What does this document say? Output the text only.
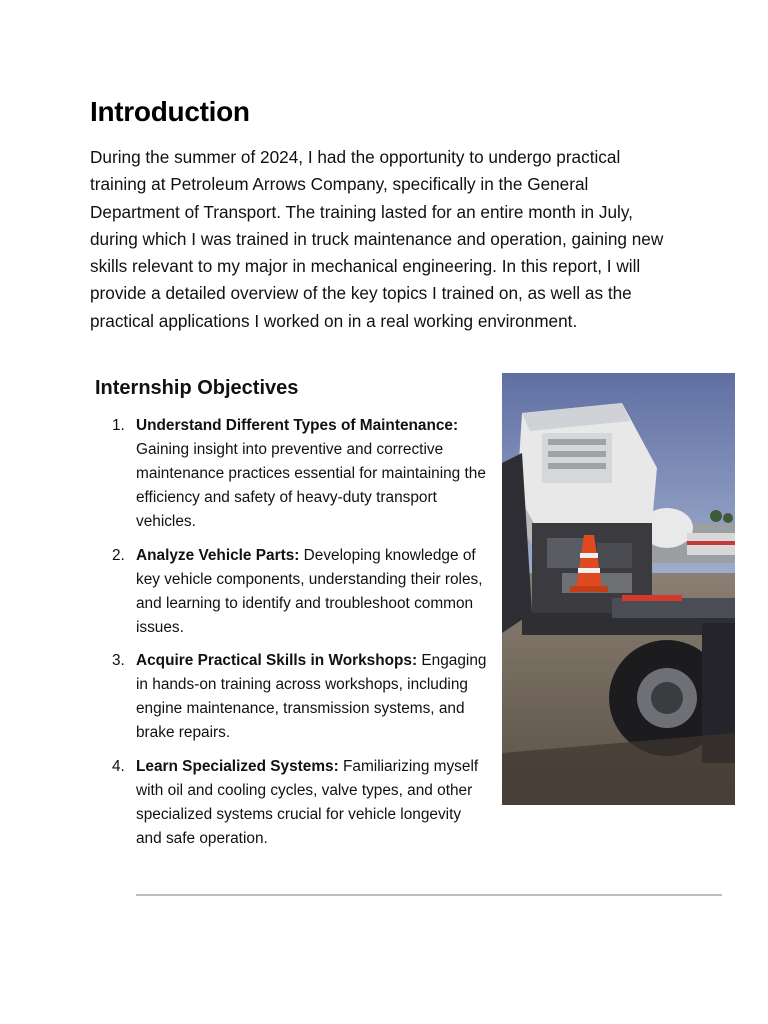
Introduction

During the summer of 2024, I had the opportunity to undergo practical training at Petroleum Arrows Company, specifically in the General Department of Transport. The training lasted for an entire month in July, during which I was trained in truck maintenance and operation, gaining new skills relevant to my major in mechanical engineering. In this report, I will provide a detailed overview of the key topics I trained on, as well as the practical applications I worked on in a real working environment.

Internship Objectives
1. Understand Different Types of Maintenance: Gaining insight into preventive and corrective maintenance practices essential for maintaining the efficiency and safety of heavy-duty transport vehicles.
2. Analyze Vehicle Parts: Developing knowledge of key vehicle components, understanding their roles, and learning to identify and troubleshoot common issues.
3. Acquire Practical Skills in Workshops: Engaging in hands-on training across workshops, including engine maintenance, transmission systems, and brake repairs.
4. Learn Specialized Systems: Familiarizing myself with oil and cooling cycles, valve types, and other specialized systems crucial for vehicle longevity and safe operation.
